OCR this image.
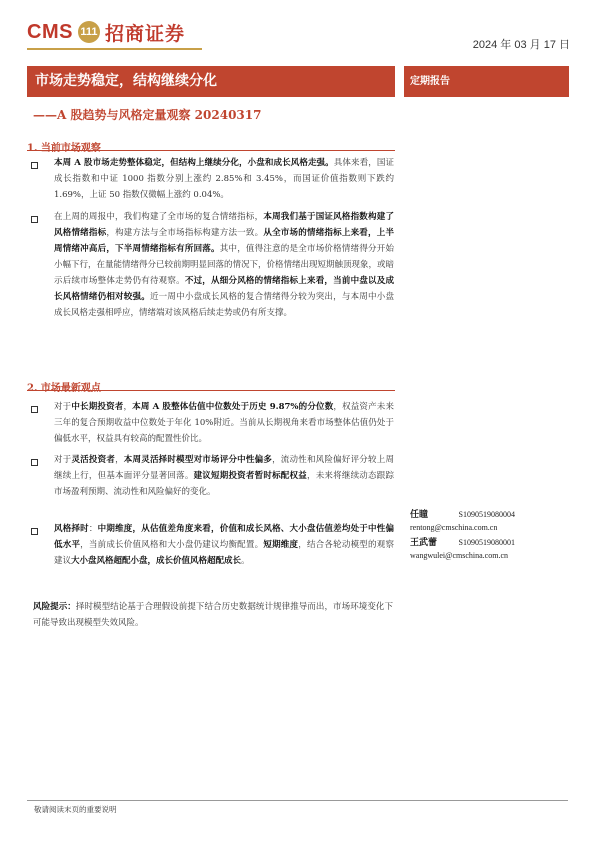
CMS 111 招商证券
2024 年 03 月 17 日
市场走势稳定，结构继续分化	定期报告
——A 股趋势与风格定量观察 20240317
1. 当前市场观察
本周 A 股市场走势整体稳定，但结构上继续分化，小盘和成长风格走强。具体来看，国证成长指数和中证 1000 指数分别上涨约 2.85%和 3.45%，而国证价值指数则下跌约 1.69%，上证 50 指数仅微幅上涨约 0.04%。
在上周的周报中，我们构建了全市场的复合情绪指标，本周我们基于国证风格指数构建了风格情绪指标，构建方法与全市场指标构建方法一致。从全市场的情绪指标上来看，上半周情绪冲高后，下半周情绪指标有所回落。其中，值得注意的是全市场价格情绪得分开始小幅下行，在量能情绪得分已较前期明显回落的情况下，价格情绪出现短期触顶现象，或暗示后续市场整体走势仍有待观察。不过，从细分风格的情绪指标上来看，当前中盘以及成长风格情绪仍相对较强。近一周中小盘成长风格的复合情绪得分较为突出，与本周中小盘成长风格走强相呼应，情绪端对该风格后续走势或仍有所支撑。
2. 市场最新观点
对于中长期投资者，本周 A 股整体估值中位数处于历史 9.87%的分位数，权益资产未来三年的复合预期收益中位数处于年化 10%附近。当前从长期视角来看市场整体估值仍处于偏低水平，权益具有较高的配置性价比。
对于灵活投资者，本周灵活择时模型对市场评分中性偏多，流动性和风险偏好评分较上周继续上行，但基本面评分显著回落。建议短期投资者暂时标配权益，未来将继续动态跟踪市场盈利预期、流动性和风险偏好的变化。
风格择时：中期维度，从估值差角度来看，价值和成长风格、大小盘估值差均处于中性偏低水平，当前成长价值风格和大小盘仍建议均衡配置。短期维度，结合各轮动模型的观察建议大小盘风格超配小盘，成长价值风格超配成长。
风险提示：择时模型结论基于合理假设前提下结合历史数据统计规律推导而出，市场环境变化下可能导致出现模型失效风险。
任瞳	S1090519080004
rentong@cmschina.com.cn
王武蕾	S1090519080001
wangwulei@cmschina.com.cn
敬请阅读末页的重要说明
